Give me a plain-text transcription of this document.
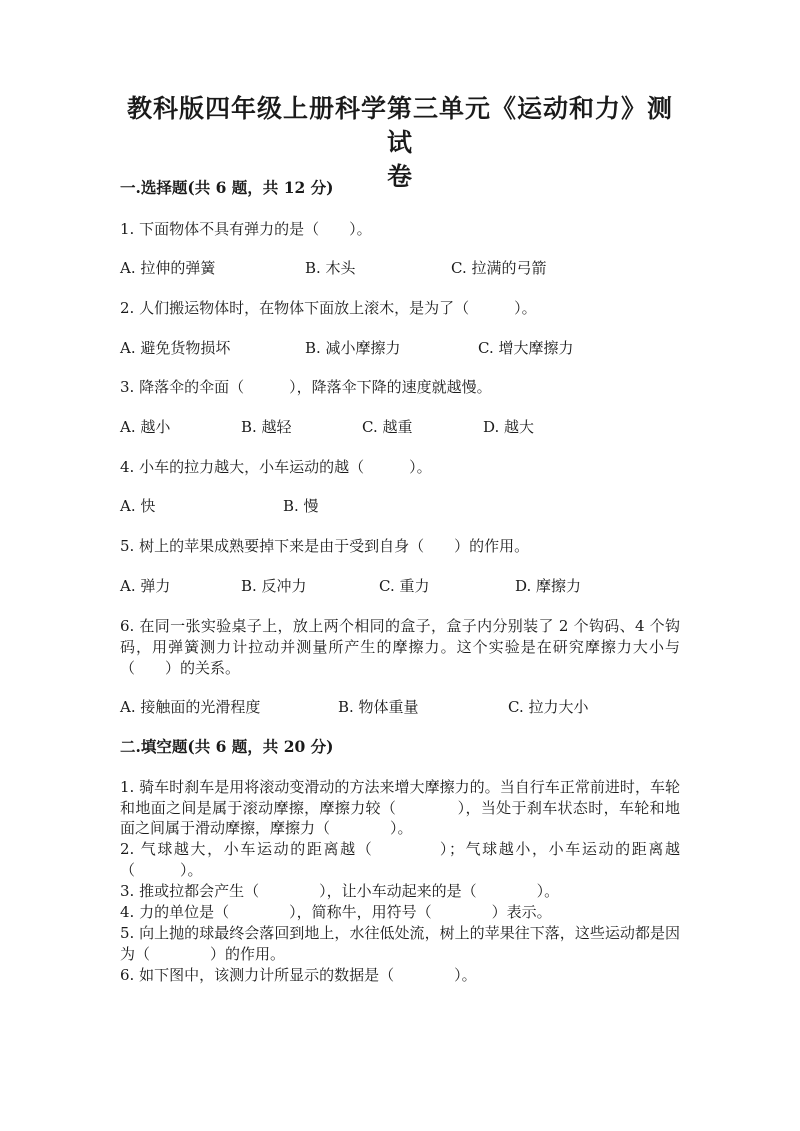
教科版四年级上册科学第三单元《运动和力》测试
卷
一.选择题(共 6 题，共 12 分)
1. 下面物体不具有弹力的是（　　）。
A. 拉伸的弹簧	B. 木头	C. 拉满的弓箭
2. 人们搬运物体时，在物体下面放上滚木，是为了（　　　）。
A. 避免货物损坏	B. 减小摩擦力	C. 增大摩擦力
3. 降落伞的伞面（　　　），降落伞下降的速度就越慢。
A. 越小	B. 越轻	C. 越重	D. 越大
4. 小车的拉力越大，小车运动的越（　　　）。
A. 快	B. 慢
5. 树上的苹果成熟要掉下来是由于受到自身（　　）的作用。
A. 弹力	B. 反冲力	C. 重力	D. 摩擦力
6. 在同一张实验桌子上，放上两个相同的盒子，盒子内分别装了 2 个钩码、4 个钩码，用弹簧测力计拉动并测量所产生的摩擦力。这个实验是在研究摩擦力大小与（　　）的关系。
A. 接触面的光滑程度	B. 物体重量	C. 拉力大小
二.填空题(共 6 题，共 20 分)
1. 骑车时刹车是用将滚动变滑动的方法来增大摩擦力的。当自行车正常前进时，车轮和地面之间是属于滚动摩擦，摩擦力较（　　　　），当处于刹车状态时，车轮和地面之间属于滑动摩擦，摩擦力（　　　　）。
2. 气球越大，小车运动的距离越（　　　　）；气球越小，小车运动的距离越（　　　）。
3. 推或拉都会产生（　　　　），让小车动起来的是（　　　　）。
4. 力的单位是（　　　　），简称牛，用符号（　　　　）表示。
5. 向上抛的球最终会落回到地上，水往低处流，树上的苹果往下落，这些运动都是因为（　　　　）的作用。
6. 如下图中，该测力计所显示的数据是（　　　　）。
